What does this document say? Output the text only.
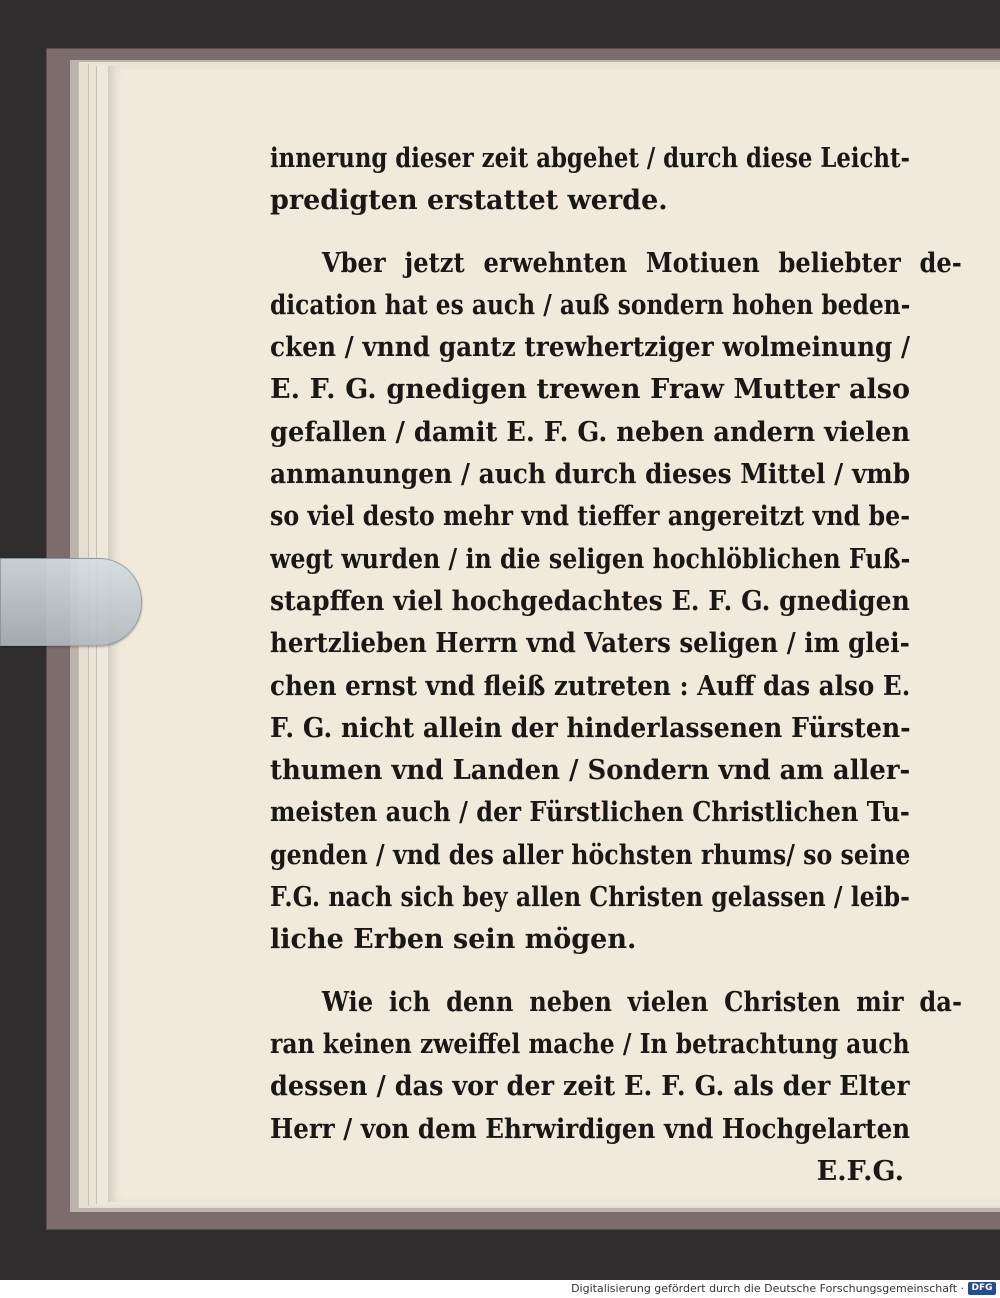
innerung dieser zeit abgehet / durch diese Leicht-
predigten erstattet werde.
Vber jetzt erwehnten Motiuen beliebter de-
dication hat es auch / auß sondern hohen beden-
cken / vnnd gantz trewhertziger wolmeinung /
E. F. G. gnedigen trewen Fraw Mutter also
gefallen / damit E. F. G. neben andern vielen
anmanungen / auch durch dieses Mittel / vmb
so viel desto mehr vnd tieffer angereitzt vnd be-
wegt wurden / in die seligen hochlöblichen Fuß-
stapffen viel hochgedachtes E. F. G. gnedigen
hertzlieben Herrn vnd Vaters seligen / im glei-
chen ernst vnd fleiß zutreten : Auff das also E.
F. G. nicht allein der hinderlassenen Fürsten-
thumen vnd Landen / Sondern vnd am aller-
meisten auch / der Fürstlichen Christlichen Tu-
genden / vnd des aller höchsten rhums/ so seine
F.G. nach sich bey allen Christen gelassen / leib-
liche Erben sein mögen.
Wie ich denn neben vielen Christen mir da-
ran keinen zweiffel mache / In betrachtung auch
dessen / das vor der zeit E. F. G. als der Elter
Herr / von dem Ehrwirdigen vnd Hochgelarten
E.F.G.
Digitalisierung gefördert durch die Deutsche Forschungsgemeinschaft · DFG
